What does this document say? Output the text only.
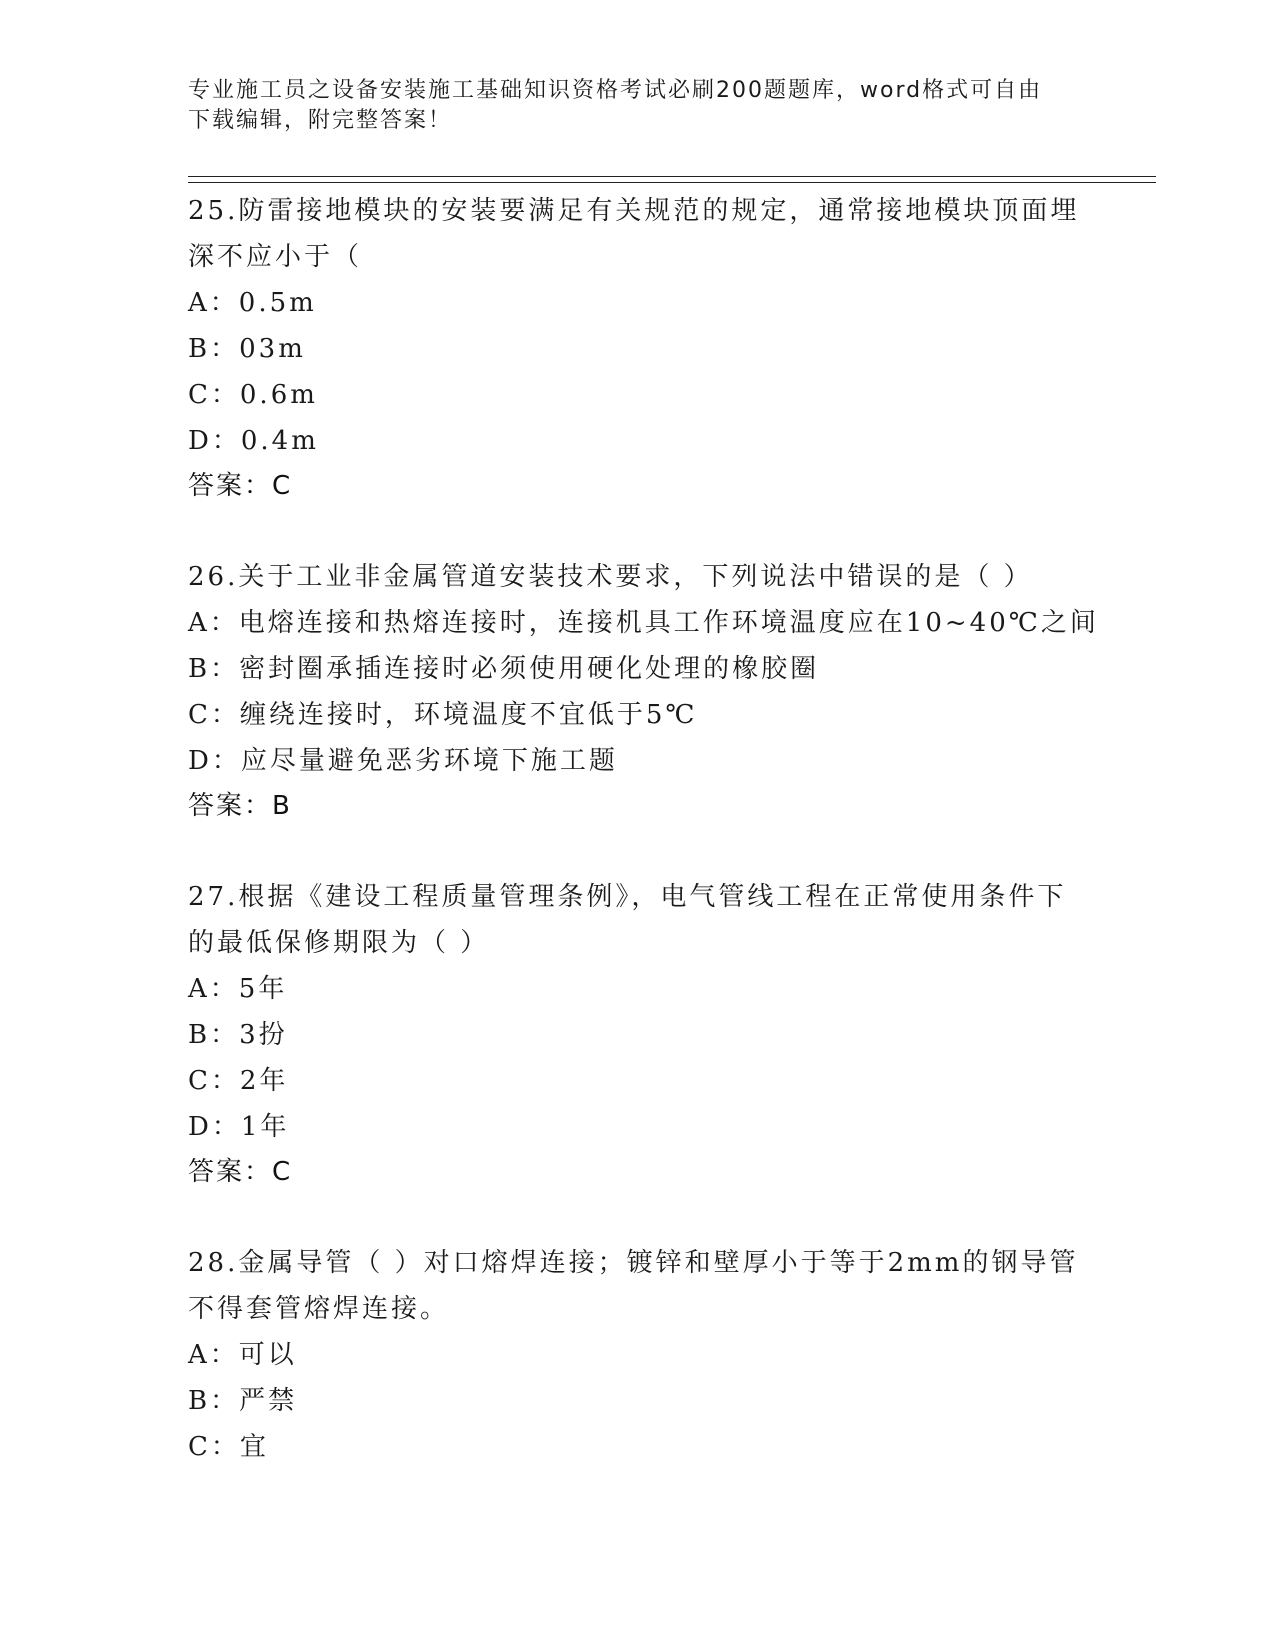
专业施工员之设备安装施工基础知识资格考试必刷200题题库，word格式可自由
下载编辑，附完整答案！
25.防雷接地模块的安装要满足有关规范的规定，通常接地模块顶面埋
深不应小于（
A：0.5m
B：03m
C：0.6m
D：0.4m
答案：C
26.关于工业非金属管道安装技术要求，下列说法中错误的是（ ）
A：电熔连接和热熔连接时，连接机具工作环境温度应在10~40℃之间
B：密封圈承插连接时必须使用硬化处理的橡胶圈
C：缠绕连接时，环境温度不宜低于5℃
D：应尽量避免恶劣环境下施工题
答案：B
27.根据《建设工程质量管理条例》，电气管线工程在正常使用条件下
的最低保修期限为（ ）
A：5年
B：3扮
C：2年
D：1年
答案：C
28.金属导管（ ）对口熔焊连接；镀锌和壁厚小于等于2mm的钢导管
不得套管熔焊连接。
A：可以
B：严禁
C：宜
